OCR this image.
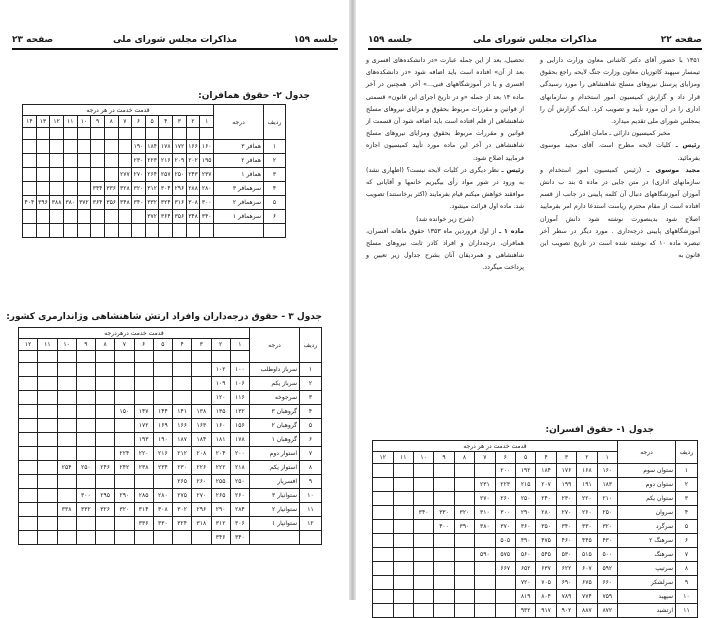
جلسه ۱۵۹
مذاکرات مجلس شورای ملی
صفحه ۲۳
جدول ۲- حقوق همافران:
ردیف	درجه	قدمت خدمت در هر درجه													
		۱	۲	۳	۴	۵	۶	۷	۸	۹	۱۰	۱۱	۱۲	۱۳	۱۴

۱	همافر ۳	۱۶۰	۱۶۶	۱۷۲	۱۷۸	۱۸۴	۱۹۰								
۲	همافر ۲	۱۹۵	۲۰۲	۲۰۹	۲۱۶	۲۲۳	۲۳۰								
۳	همافر ۱	۲۳۷	۲۴۳	۲۵۰	۲۵۷	۲۶۴	۲۷۰	۲۷۷							
۴	سرهمافر ۳	۲۸۰	۲۸۸	۲۹۶	۳۰۴	۳۱۲	۳۲۰	۳۲۸	۳۳۶	۳۴۴					
۵	سرهمافر ۲	۳۰۰	۳۰۸	۳۱۶	۳۲۴	۳۳۲	۳۴۰	۳۴۸	۳۵۶	۳۶۴	۳۷۲	۳۸۰	۳۸۸	۳۹۶	۴۰۴
۶	سرهمافر ۱	۳۴۰	۳۴۸	۳۵۶	۳۶۴	۳۷۲									

جدول ۳ - حقوق درجه‌داران وافراد ارتش شاهنشاهی وژاندارمری کشور:
ردیف	درجه	قدمت خدمت درهردرجه											
		۱	۲	۳	۴	۵	۶	۷	۸	۹	۱۰	۱۱	۱۲

۱	سرباز داوطلب	۱۰۰	۱۰۲										
۲	سرباز یکم	۱۰۶	۱۰۹										
۳	سرجوخه	۱۱۶	۱۲۰										
۴	گروهبان ۳	۱۳۲	۱۳۵	۱۳۸	۱۴۱	۱۴۴	۱۴۷	۱۵۰					
۵	گروهبان ۲	۱۵۶	۱۶۰	۱۶۳	۱۶۶	۱۶۹	۱۷۲						
۶	گروهبان ۱	۱۷۸	۱۸۱	۱۸۴	۱۸۷	۱۹۰	۱۹۳						
۷	استوار دوم	۲۰۰	۲۰۴	۲۰۸	۲۱۲	۲۱۶	۲۲۰	۲۲۴					
۸	استوار یکم	۲۱۸	۲۲۲	۲۲۶	۲۳۰	۲۳۴	۲۳۸	۲۴۲	۲۴۶	۲۵۰	۲۵۴		
۹	افسریار	۲۵۰	۲۵۵	۲۶۰	۲۶۵								
۱۰	ستوانیار ۳	۲۶۰	۲۶۵	۲۷۰	۲۷۵	۲۸۰	۲۸۵	۲۹۰	۲۹۵	۳۰۰			
۱۱	ستوانیار ۲	۲۸۴	۲۹۰	۲۹۶	۳۰۲	۳۰۸	۳۱۴	۳۲۰	۳۲۶	۳۳۲	۳۳۸		
۱۲	ستوانیار ۱	۳۰۶	۳۱۲	۳۱۸	۳۲۴	۳۳۰	۳۳۶						
		۳۴۰	۳۴۶										
صفحه ۲۲
مذاکرات مجلس شورای ملی
جلسه ۱۵۹

۱۳۵۱ با حضور آقای دکتر کاشانی معاون وزارت دارایی و تیمسار سپهبد کاتوزیان معاون وزارت جنگ لایحه راجع بحقوق ومزایای پرسنل نیروهای مسلح شاهنشاهی را مورد رسیدگی قرار داد و گزارش کمیسیون امور استخدام و سازمانهای اداری را در آن مورد تأیید و تصویب کرد. اینک گزارش آن را بمجلس شورای ملی تقدیم میدارد.

مخبر کمیسیون دارائی ـ مامان اقلیزگی

رئیس ـ کلیات لایحه مطرح است. آقای مجید موسوی بفرمائید.

مجید موسوی ـ (رئیس کمیسیون امور استخدام و سازمانهای اداری) در متن جایی در ماده ۵ بند ب دانش آموزان آموزشگاههای دنبال آن کلمه پایینی در جانب از قسم افتاده است از مقام محترم ریاست استدعا دارم امر بفرمایید اصلاح شود بدینصورت نوشته شود دانش آموزان آموزشگاههای پایینی درجه‌داری . مورد دیگر در سطر آخر تبصره ماده ۱۰ که نوشته شده است در تاریخ تصویب این قانون به

تحصیل، بعد از این جمله عبارت «در دانشکده‌های افسری و بعد از آن» افتاده است باید اضافه شود «در دانشکده‌های افسری و یا در آموزشگاههای فنی...» آخر. همچنین در آخر ماده ۱۴ بعد از جمله «و در تاریخ اجرای این قانون» قسمتی از قوانین و مقررات مربوط بحقوق و مزایای نیروهای مسلح شاهنشاهی از قلم افتاده است باید اضافه شود آن قسمت از قوانین و مقررات مربوط بحقوق ومزایای نیروهای مسلح شاهنشاهی در آخر این ماده مورد تأیید کمیسیون اجازه فرمایید اصلاح شود.

رئیس ـ نظر دیگری در کلیات لایحه نیست؟ (اظهاری نشد) به ورود در شور مواد رأی بیگیریم خانمها و آقایانی که موافقند خواهش میکنم قیام بفرمایند (اکثر برخاستند) تصویب شد. ماده اول قرائت میشود.

(شرح زیر خوانده شد)

ماده ۱ ـ از اول فروردین ماه ۱۳۵۳ حقوق ماهانه افسران، همافران، درجه‌داران و افراد کادر ثابت نیروهای مسلح شاهنشاهی و همردیفان آنان بشرح جداول زیر تعیین و پرداخت میگردد.

جدول ۱- حقوق افسران:
ردیف	درجه	قدمت خدمت در هر درجه											
		۱	۲	۳	۴	۵	۶	۷	۸	۹	۱۰	۱۱	۱۲
۱	ستوان سوم	۱۶۰	۱۶۸	۱۷۶	۱۸۴	۱۹۲	۲۰۰						
۲	ستوان دوم	۱۸۳	۱۹۱	۱۹۹	۲۰۷	۲۱۵	۲۲۳	۲۳۱					
۳	ستوان یکم	۲۱۰	۲۲۰	۲۳۰	۲۴۰	۲۵۰	۲۶۰	۲۷۰					
۴	سروان	۲۵۰	۲۶۰	۲۷۰	۲۸۰	۲۹۰	۳۰۰	۳۱۰	۳۲۰	۳۳۰	۳۴۰		
۵	سرگرد	۳۲۰	۳۳۰	۳۴۰	۳۵۰	۳۶۰	۳۷۰	۳۸۰	۳۹۰	۴۰۰			
۶	سرهنگ ۲	۴۳۰	۴۴۵	۴۶۰	۴۷۵	۴۹۰	۵۰۵						
۷	سرهنگ	۵۰۰	۵۱۵	۵۳۰	۵۴۵	۵۶۰	۵۷۵	۵۹۰					
۸	سرتیپ	۵۹۲	۶۰۷	۶۲۲	۶۳۷	۶۵۲	۶۶۷						
۹	سرلشکر	۶۶۰	۶۷۵	۶۹۰	۷۰۵	۷۲۰							
۱۰	سپهبد	۷۵۹	۷۷۴	۷۸۹	۸۰۴	۸۱۹							
۱۱	ارتشبد	۸۷۲	۸۸۷	۹۰۲	۹۱۷	۹۳۲							
